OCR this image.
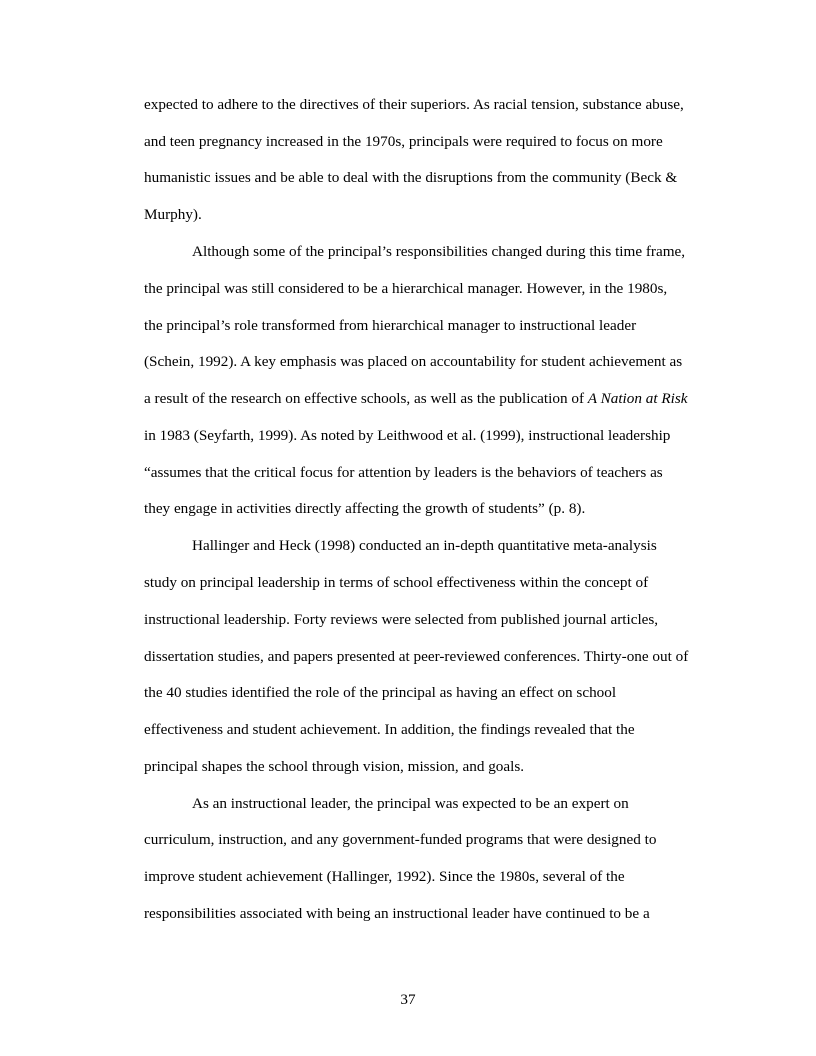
expected to adhere to the directives of their superiors. As racial tension, substance abuse,
and teen pregnancy increased in the 1970s, principals were required to focus on more
humanistic issues and be able to deal with the disruptions from the community (Beck &
Murphy).
Although some of the principal’s responsibilities changed during this time frame,
the principal was still considered to be a hierarchical manager. However, in the 1980s,
the principal’s role transformed from hierarchical manager to instructional leader
(Schein, 1992). A key emphasis was placed on accountability for student achievement as
a result of the research on effective schools, as well as the publication of A Nation at Risk
in 1983 (Seyfarth, 1999). As noted by Leithwood et al. (1999), instructional leadership
“assumes that the critical focus for attention by leaders is the behaviors of teachers as
they engage in activities directly affecting the growth of students” (p. 8).
Hallinger and Heck (1998) conducted an in-depth quantitative meta-analysis
study on principal leadership in terms of school effectiveness within the concept of
instructional leadership. Forty reviews were selected from published journal articles,
dissertation studies, and papers presented at peer-reviewed conferences. Thirty-one out of
the 40 studies identified the role of the principal as having an effect on school
effectiveness and student achievement. In addition, the findings revealed that the
principal shapes the school through vision, mission, and goals.
As an instructional leader, the principal was expected to be an expert on
curriculum, instruction, and any government-funded programs that were designed to
improve student achievement (Hallinger, 1992). Since the 1980s, several of the
responsibilities associated with being an instructional leader have continued to be a
37
